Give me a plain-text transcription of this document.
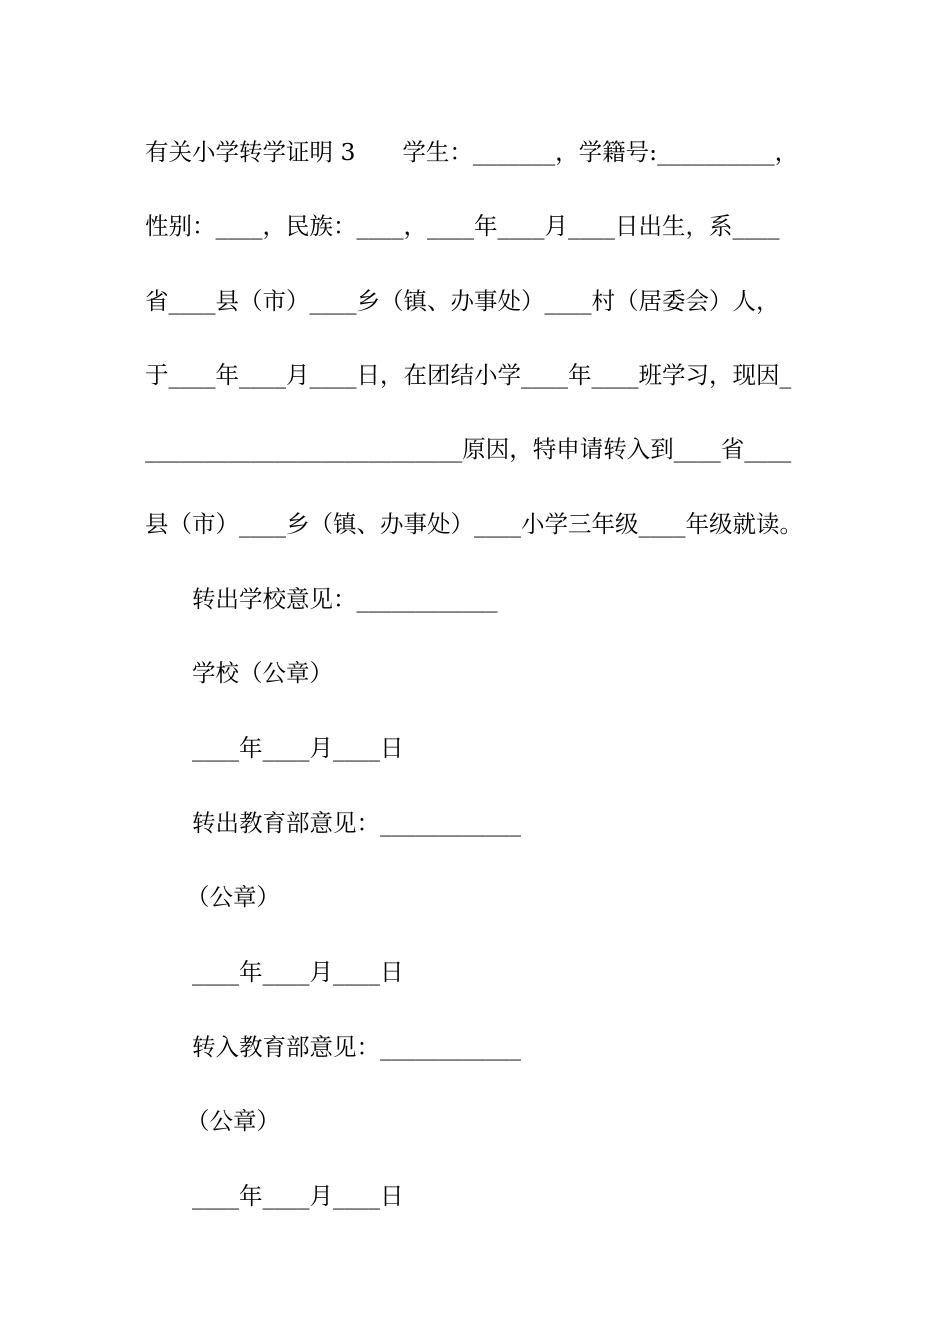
有关小学转学证明 3　　学生：_______，学籍号:__________，
性别：____，民族：____，____年____月____日出生，系____
省____县（市）____乡（镇、办事处）____村（居委会）人，
于____年____月____日，在团结小学____年____班学习，现因_
___________________________原因，特申请转入到____省____
县（市）____乡（镇、办事处）____小学三年级____年级就读。
转出学校意见：____________
学校（公章）
____年____月____日
转出教育部意见：____________
（公章）
____年____月____日
转入教育部意见：____________
（公章）
____年____月____日
